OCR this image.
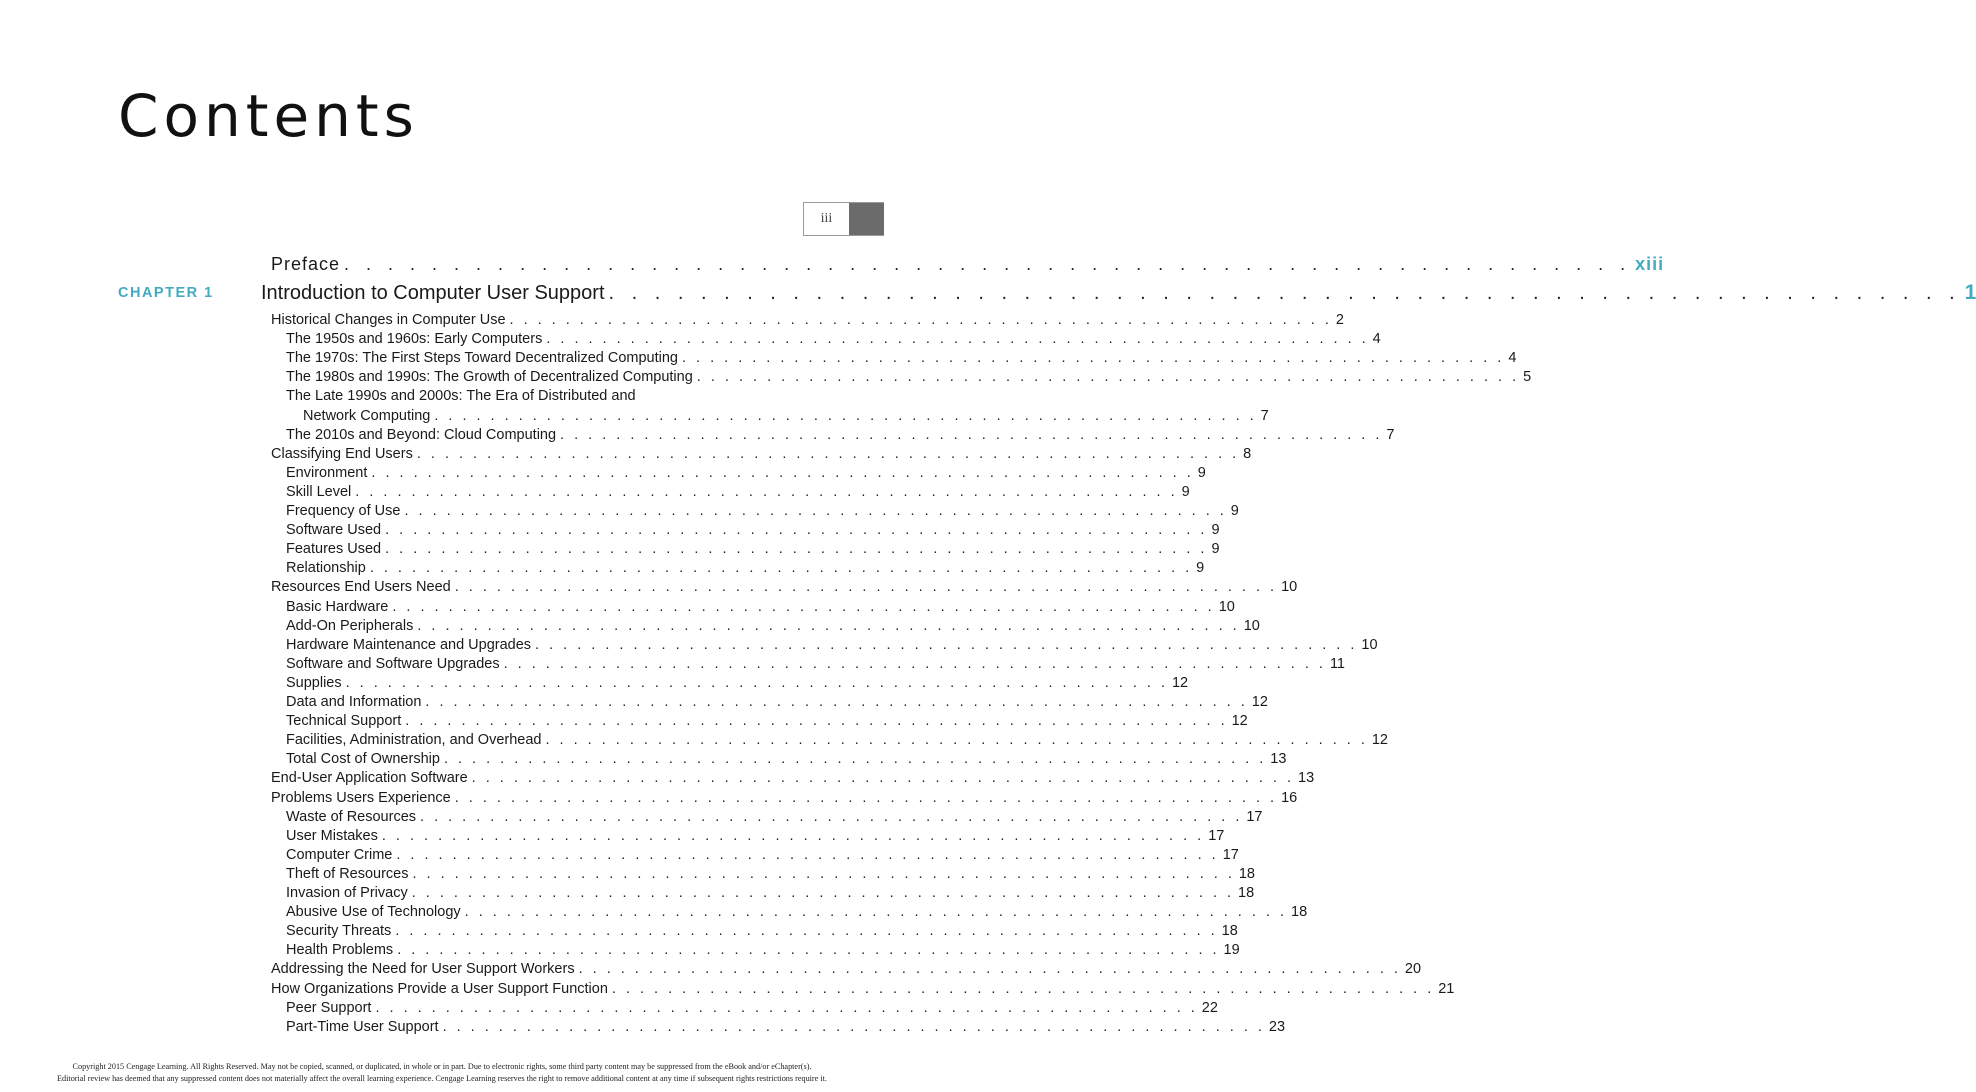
Contents
iii
Preface . . . . . . . . . . . . . . . . . . . . . . . . . . . . . . . . . . . . . . . . . . . . . . . . . . . . . . . . . . . xiii
CHAPTER 1 Introduction to Computer User Support . . . . . . . . . . . . . . . . . . . . . . . . . . . . . . . . . . . . . . . . . . . . . . . . . . . . . . . . . . . 1
Historical Changes in Computer Use . . . . . . . . . . . . . . . . . . . . . . . . . . . . . . . . . . . . . . . . . . . . . . . . . . . . . . . . . . . 2
The 1950s and 1960s: Early Computers . . . . . . . . . . . . . . . . . . . . . . . . . . . . . . . . . . . . . . . . . . . . . . . . . . . . . . . . . . . 4
The 1970s: The First Steps Toward Decentralized Computing . . . . . . . . . . . . . . . . . . . . . . . . . . . . . . . . . . . . . . . . . . . . . . . . . . . . . . . . . . . 4
The 1980s and 1990s: The Growth of Decentralized Computing . . . . . . . . . . . . . . . . . . . . . . . . . . . . . . . . . . . . . . . . . . . . . . . . . . . . . . . . . . . 5
The Late 1990s and 2000s: The Era of Distributed and
Network Computing . . . . . . . . . . . . . . . . . . . . . . . . . . . . . . . . . . . . . . . . . . . . . . . . . . . . . . . . . . . 7
The 2010s and Beyond: Cloud Computing . . . . . . . . . . . . . . . . . . . . . . . . . . . . . . . . . . . . . . . . . . . . . . . . . . . . . . . . . . . 7
Classifying End Users . . . . . . . . . . . . . . . . . . . . . . . . . . . . . . . . . . . . . . . . . . . . . . . . . . . . . . . . . . . 8
Environment . . . . . . . . . . . . . . . . . . . . . . . . . . . . . . . . . . . . . . . . . . . . . . . . . . . . . . . . . . . 9
Skill Level . . . . . . . . . . . . . . . . . . . . . . . . . . . . . . . . . . . . . . . . . . . . . . . . . . . . . . . . . . . 9
Frequency of Use . . . . . . . . . . . . . . . . . . . . . . . . . . . . . . . . . . . . . . . . . . . . . . . . . . . . . . . . . . . 9
Software Used . . . . . . . . . . . . . . . . . . . . . . . . . . . . . . . . . . . . . . . . . . . . . . . . . . . . . . . . . . . 9
Features Used . . . . . . . . . . . . . . . . . . . . . . . . . . . . . . . . . . . . . . . . . . . . . . . . . . . . . . . . . . . 9
Relationship . . . . . . . . . . . . . . . . . . . . . . . . . . . . . . . . . . . . . . . . . . . . . . . . . . . . . . . . . . . 9
Resources End Users Need . . . . . . . . . . . . . . . . . . . . . . . . . . . . . . . . . . . . . . . . . . . . . . . . . . . . . . . . . . . 10
Basic Hardware . . . . . . . . . . . . . . . . . . . . . . . . . . . . . . . . . . . . . . . . . . . . . . . . . . . . . . . . . . . 10
Add-On Peripherals . . . . . . . . . . . . . . . . . . . . . . . . . . . . . . . . . . . . . . . . . . . . . . . . . . . . . . . . . . . 10
Hardware Maintenance and Upgrades . . . . . . . . . . . . . . . . . . . . . . . . . . . . . . . . . . . . . . . . . . . . . . . . . . . . . . . . . . . 10
Software and Software Upgrades . . . . . . . . . . . . . . . . . . . . . . . . . . . . . . . . . . . . . . . . . . . . . . . . . . . . . . . . . . . 11
Supplies . . . . . . . . . . . . . . . . . . . . . . . . . . . . . . . . . . . . . . . . . . . . . . . . . . . . . . . . . . . 12
Data and Information . . . . . . . . . . . . . . . . . . . . . . . . . . . . . . . . . . . . . . . . . . . . . . . . . . . . . . . . . . . 12
Technical Support . . . . . . . . . . . . . . . . . . . . . . . . . . . . . . . . . . . . . . . . . . . . . . . . . . . . . . . . . . . 12
Facilities, Administration, and Overhead . . . . . . . . . . . . . . . . . . . . . . . . . . . . . . . . . . . . . . . . . . . . . . . . . . . . . . . . . . . 12
Total Cost of Ownership . . . . . . . . . . . . . . . . . . . . . . . . . . . . . . . . . . . . . . . . . . . . . . . . . . . . . . . . . . . 13
End-User Application Software . . . . . . . . . . . . . . . . . . . . . . . . . . . . . . . . . . . . . . . . . . . . . . . . . . . . . . . . . . . 13
Problems Users Experience . . . . . . . . . . . . . . . . . . . . . . . . . . . . . . . . . . . . . . . . . . . . . . . . . . . . . . . . . . . 16
Waste of Resources . . . . . . . . . . . . . . . . . . . . . . . . . . . . . . . . . . . . . . . . . . . . . . . . . . . . . . . . . . . 17
User Mistakes . . . . . . . . . . . . . . . . . . . . . . . . . . . . . . . . . . . . . . . . . . . . . . . . . . . . . . . . . . . 17
Computer Crime . . . . . . . . . . . . . . . . . . . . . . . . . . . . . . . . . . . . . . . . . . . . . . . . . . . . . . . . . . . 17
Theft of Resources . . . . . . . . . . . . . . . . . . . . . . . . . . . . . . . . . . . . . . . . . . . . . . . . . . . . . . . . . . . 18
Invasion of Privacy . . . . . . . . . . . . . . . . . . . . . . . . . . . . . . . . . . . . . . . . . . . . . . . . . . . . . . . . . . . 18
Abusive Use of Technology . . . . . . . . . . . . . . . . . . . . . . . . . . . . . . . . . . . . . . . . . . . . . . . . . . . . . . . . . . . 18
Security Threats . . . . . . . . . . . . . . . . . . . . . . . . . . . . . . . . . . . . . . . . . . . . . . . . . . . . . . . . . . . 18
Health Problems . . . . . . . . . . . . . . . . . . . . . . . . . . . . . . . . . . . . . . . . . . . . . . . . . . . . . . . . . . . 19
Addressing the Need for User Support Workers . . . . . . . . . . . . . . . . . . . . . . . . . . . . . . . . . . . . . . . . . . . . . . . . . . . . . . . . . . . 20
How Organizations Provide a User Support Function . . . . . . . . . . . . . . . . . . . . . . . . . . . . . . . . . . . . . . . . . . . . . . . . . . . . . . . . . . . 21
Peer Support . . . . . . . . . . . . . . . . . . . . . . . . . . . . . . . . . . . . . . . . . . . . . . . . . . . . . . . . . . . 22
Part-Time User Support . . . . . . . . . . . . . . . . . . . . . . . . . . . . . . . . . . . . . . . . . . . . . . . . . . . . . . . . . . . 23
Copyright 2015 Cengage Learning. All Rights Reserved. May not be copied, scanned, or duplicated, in whole or in part. Due to electronic rights, some third party content may be suppressed from the eBook and/or eChapter(s).
Editorial review has deemed that any suppressed content does not materially affect the overall learning experience. Cengage Learning reserves the right to remove additional content at any time if subsequent rights restrictions require it.
